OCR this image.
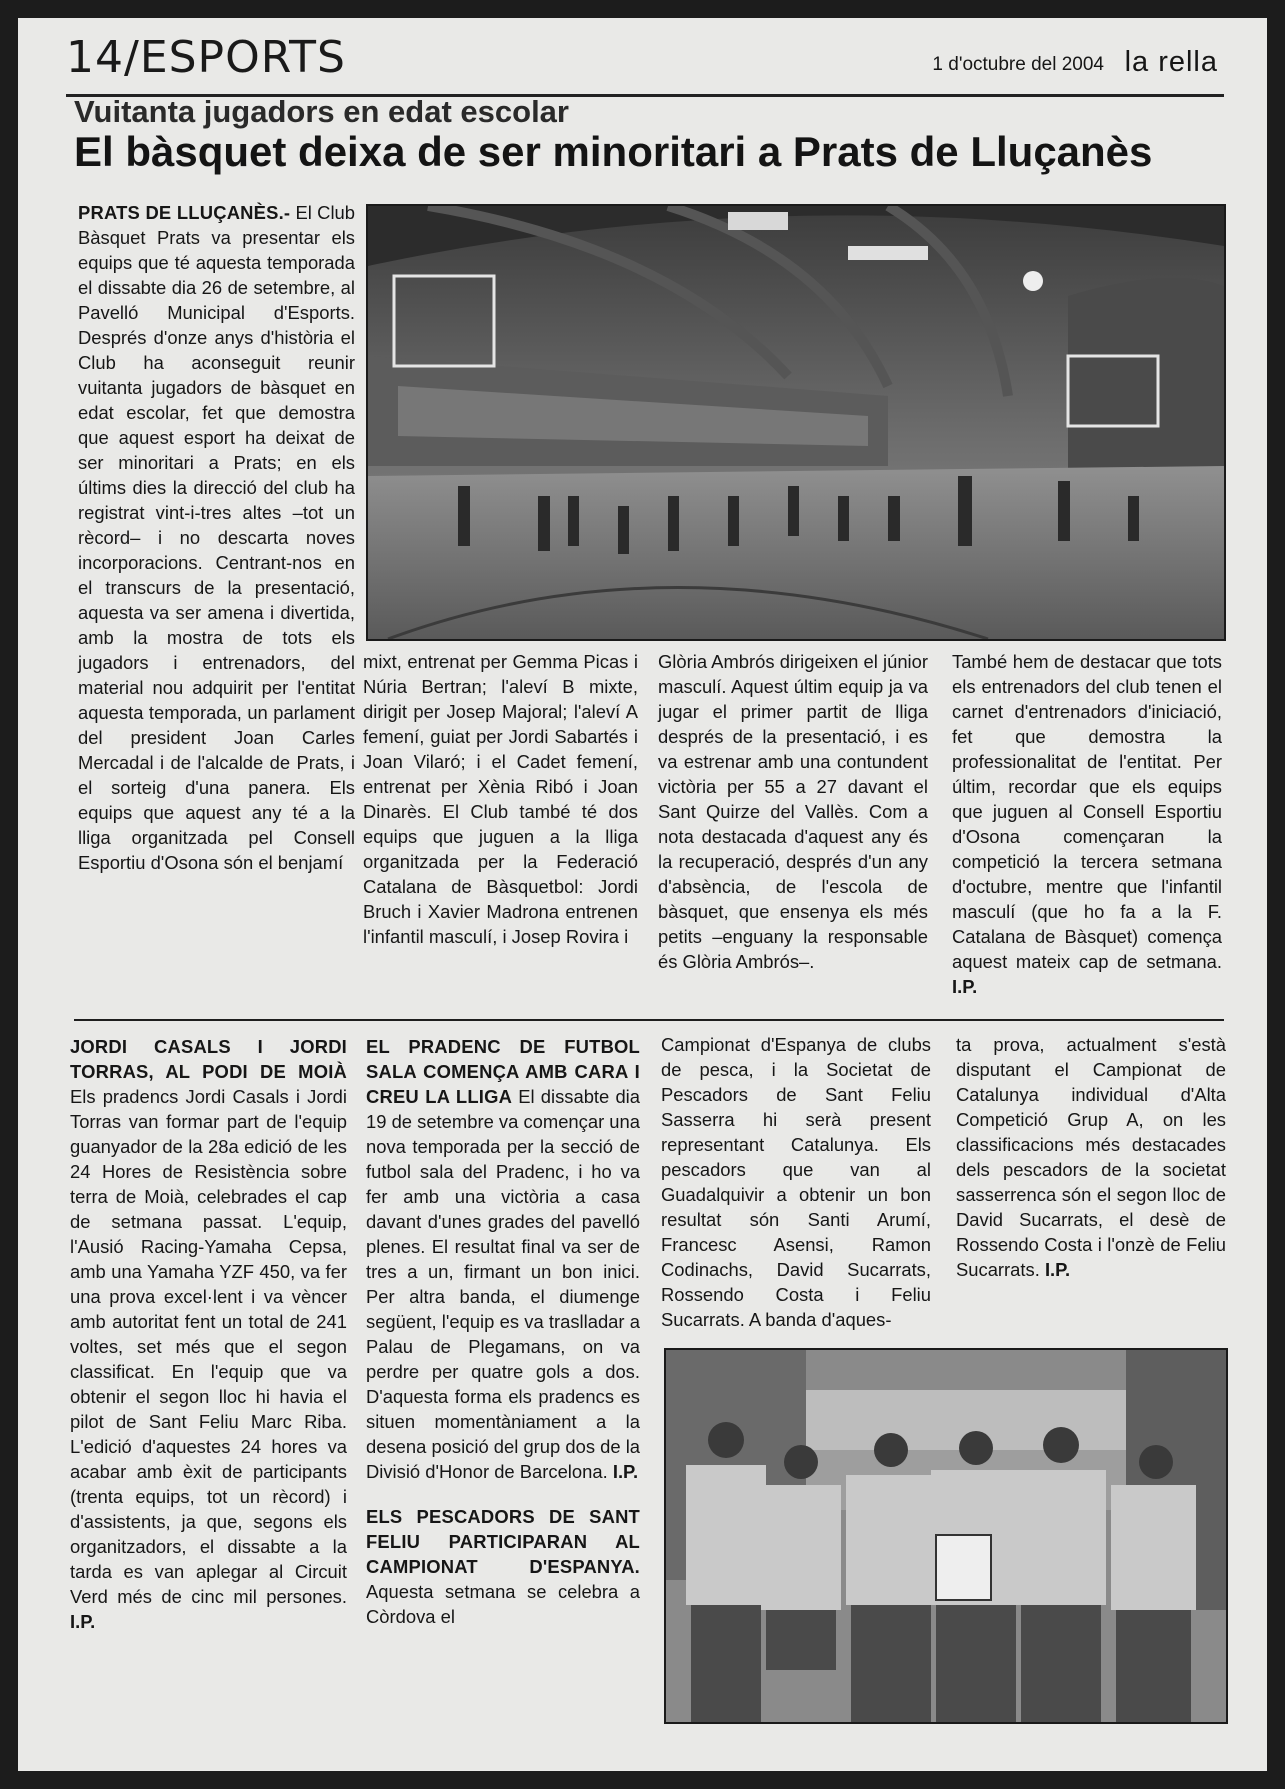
14/ESPORTS	1 d'octubre del 2004 la rella
Vuitanta jugadors en edat escolar
El bàsquet deixa de ser minoritari a Prats de Lluçanès

PRATS DE LLUÇANÈS.- El Club Bàsquet Prats va presentar els equips que té aquesta temporada el dissabte dia 26 de setembre, al Pavelló Municipal d'Esports. Després d'onze anys d'història el Club ha aconseguit reunir vuitanta jugadors de bàsquet en edat escolar, fet que demostra que aquest esport ha deixat de ser minoritari a Prats; en els últims dies la direcció del club ha registrat vint-i-tres altes –tot un rècord– i no descarta noves incorporacions. Centrant-nos en el transcurs de la presentació, aquesta va ser amena i divertida, amb la mostra de tots els jugadors i entrenadors, del material nou adquirit per l'entitat aquesta temporada, un parlament del president Joan Carles Mercadal i de l'alcalde de Prats, i el sorteig d'una panera. Els equips que aquest any té a la lliga organitzada pel Consell Esportiu d'Osona són el benjamí

mixt, entrenat per Gemma Picas i Núria Bertran; l'aleví B mixte, dirigit per Josep Majoral; l'aleví A femení, guiat per Jordi Sabartés i Joan Vilaró; i el Cadet femení, entrenat per Xènia Ribó i Joan Dinarès. El Club també té dos equips que juguen a la lliga organitzada per la Federació Catalana de Bàsquetbol: Jordi Bruch i Xavier Madrona entrenen l'infantil masculí, i Josep Rovira i

Glòria Ambrós dirigeixen el júnior masculí. Aquest últim equip ja va jugar el primer partit de lliga després de la presentació, i es va estrenar amb una contundent victòria per 55 a 27 davant el Sant Quirze del Vallès. Com a nota destacada d'aquest any és la recuperació, després d'un any d'absència, de l'escola de bàsquet, que ensenya els més petits –enguany la responsable és Glòria Ambrós–.

També hem de destacar que tots els entrenadors del club tenen el carnet d'entrenadors d'iniciació, fet que demostra la professionalitat de l'entitat. Per últim, recordar que els equips que juguen al Consell Esportiu d'Osona començaran la competició la tercera setmana d'octubre, mentre que l'infantil masculí (que ho fa a la F. Catalana de Bàsquet) comença aquest mateix cap de setmana. I.P.

JORDI CASALS I JORDI TORRAS, AL PODI DE MOIÀ Els pradencs Jordi Casals i Jordi Torras van formar part de l'equip guanyador de la 28a edició de les 24 Hores de Resistència sobre terra de Moià, celebrades el cap de setmana passat. L'equip, l'Ausió Racing-Yamaha Cepsa, amb una Yamaha YZF 450, va fer una prova excel·lent i va vèncer amb autoritat fent un total de 241 voltes, set més que el segon classificat. En l'equip que va obtenir el segon lloc hi havia el pilot de Sant Feliu Marc Riba. L'edició d'aquestes 24 hores va acabar amb èxit de participants (trenta equips, tot un rècord) i d'assistents, ja que, segons els organitzadors, el dissabte a la tarda es van aplegar al Circuit Verd més de cinc mil persones. I.P.

EL PRADENC DE FUTBOL SALA COMENÇA AMB CARA I CREU LA LLIGA El dissabte dia 19 de setembre va començar una nova temporada per la secció de futbol sala del Pradenc, i ho va fer amb una victòria a casa davant d'unes grades del pavelló plenes. El resultat final va ser de tres a un, firmant un bon inici. Per altra banda, el diumenge següent, l'equip es va traslladar a Palau de Plegamans, on va perdre per quatre gols a dos. D'aquesta forma els pradencs es situen momentàniament a la desena posició del grup dos de la Divisió d'Honor de Barcelona. I.P.

ELS PESCADORS DE SANT FELIU PARTICIPARAN AL CAMPIONAT D'ESPANYA. Aquesta setmana se celebra a Còrdova el

Campionat d'Espanya de clubs de pesca, i la Societat de Pescadors de Sant Feliu Sasserra hi serà present representant Catalunya. Els pescadors que van al Guadalquivir a obtenir un bon resultat són Santi Arumí, Francesc Asensi, Ramon Codinachs, David Sucarrats, Rossendo Costa i Feliu Sucarrats. A banda d'aques-

ta prova, actualment s'està disputant el Campionat de Catalunya individual d'Alta Competició Grup A, on les classificacions més destacades dels pescadors de la societat sasserrenca són el segon lloc de David Sucarrats, el desè de Rossendo Costa i l'onzè de Feliu Sucarrats. I.P.
